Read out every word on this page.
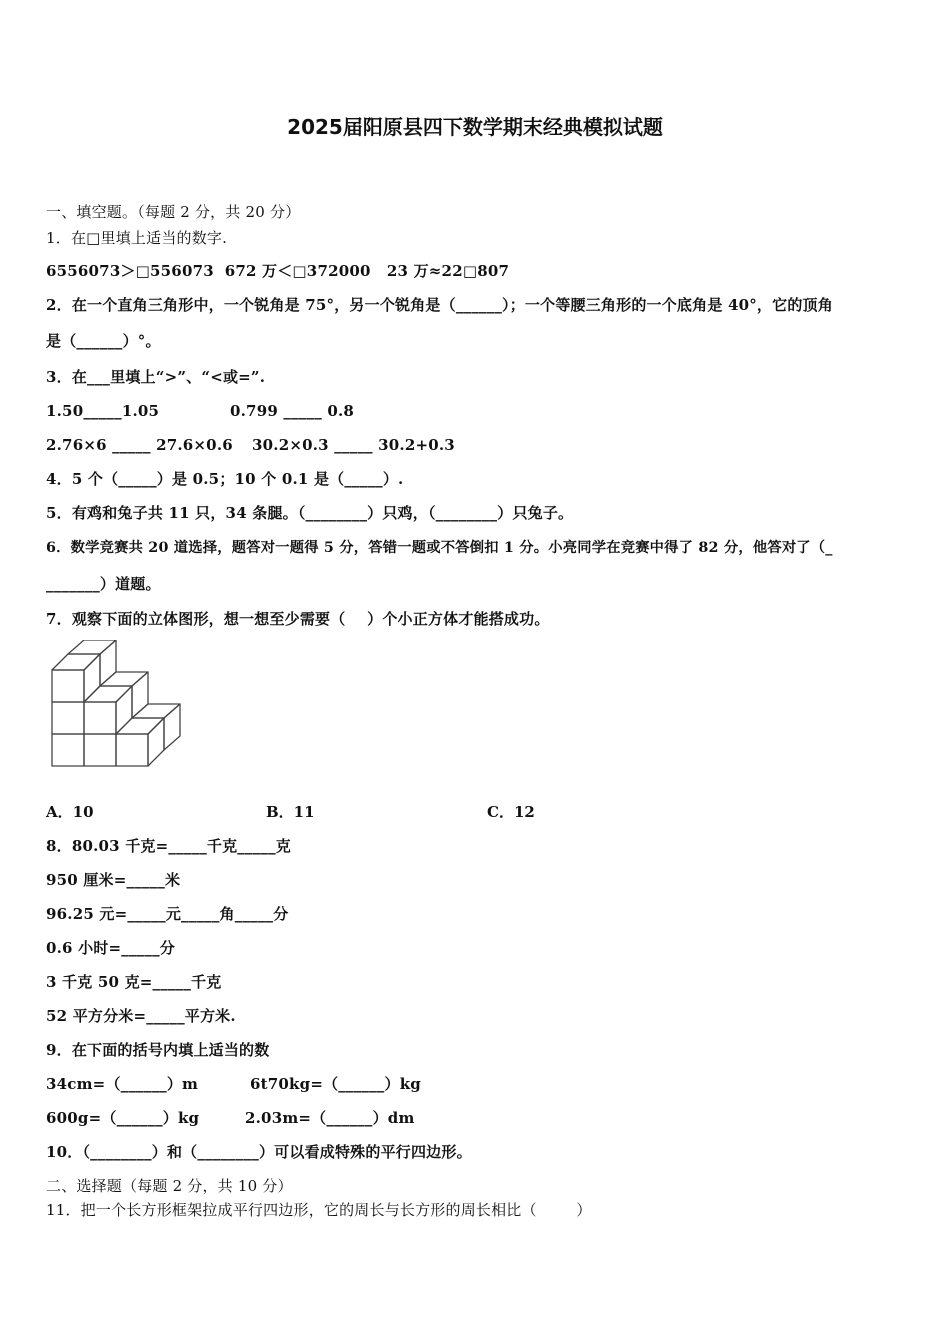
2025届阳原县四下数学期末经典模拟试题
一、填空题。（每题 2 分，共 20 分）
1．在□里填上适当的数字.
6556073＞□556073  672 万＜□372000   23 万≈22□807
2．在一个直角三角形中，一个锐角是 75°，另一个锐角是（______）；一个等腰三角形的一个底角是 40°，它的顶角
是（______）°。
3．在___里填上“>”、“<或=”.
1.50_____1.05	0.799 _____ 0.8
2.76×6 _____ 27.6×0.6 30.2×0.3 _____ 30.2+0.3
4．5 个（_____）是 0.5；10 个 0.1 是（_____）.
5．有鸡和兔子共 11 只，34 条腿。（________）只鸡，（________）只兔子。
6．数学竞赛共 20 道选择，题答对一题得 5 分，答错一题或不答倒扣 1 分。小亮同学在竞赛中得了 82 分，他答对了（_
_______）道题。
7．观察下面的立体图形，想一想至少需要（    ）个小正方体才能搭成功。
A．10	B．11	C．12
8．80.03 千克=_____千克_____克
950 厘米=_____米
96.25 元=_____元_____角_____分
0.6 小时=_____分
3 千克 50 克=_____千克
52 平方分米=_____平方米.
9．在下面的括号内填上适当的数
34cm=（______）m	6t70kg=（______）kg
600g=（______）kg	2.03m=（______）dm
10．（________）和（________）可以看成特殊的平行四边形。
二、选择题（每题 2 分，共 10 分）
11．把一个长方形框架拉成平行四边形，它的周长与长方形的周长相比（        ）
